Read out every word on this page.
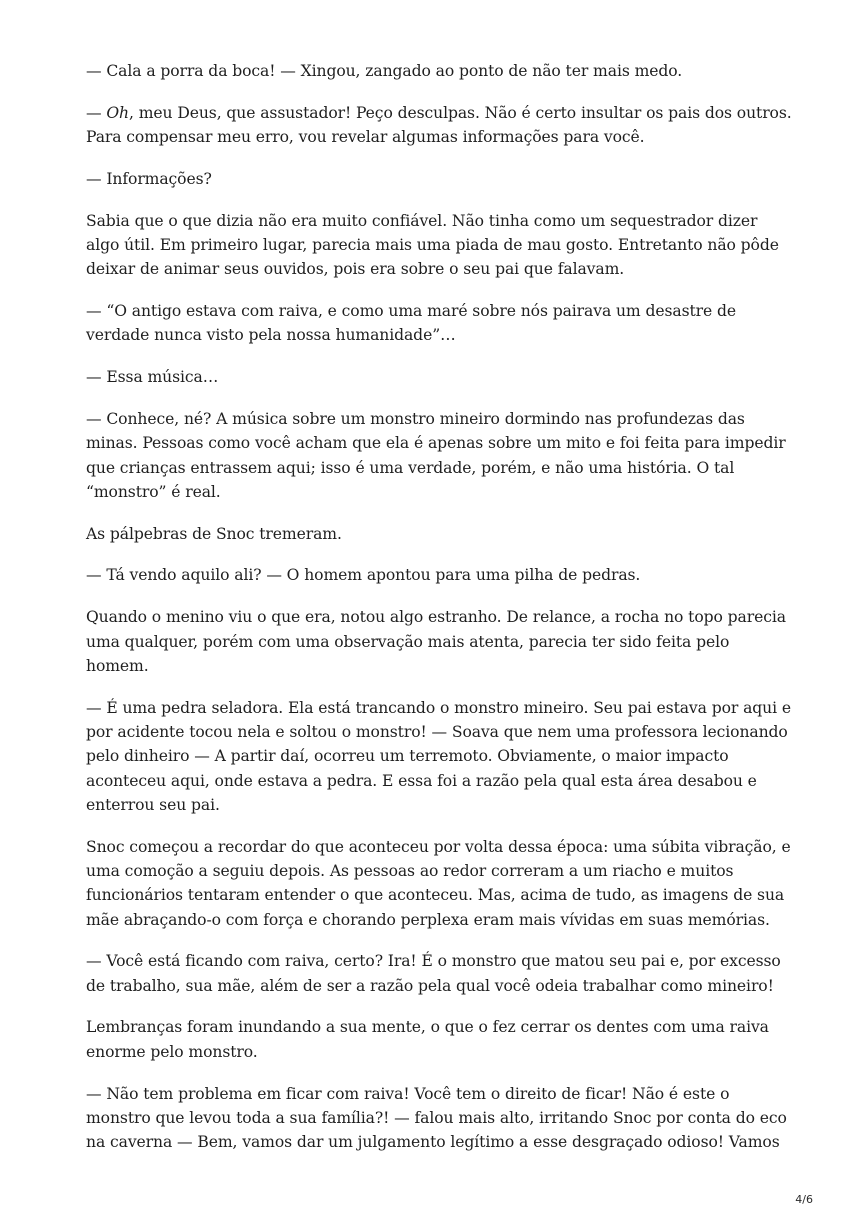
— Cala a porra da boca! — Xingou, zangado ao ponto de não ter mais medo.

— Oh, meu Deus, que assustador! Peço desculpas. Não é certo insultar os pais dos outros. Para compensar meu erro, vou revelar algumas informações para você.

— Informações?

Sabia que o que dizia não era muito confiável. Não tinha como um sequestrador dizer algo útil. Em primeiro lugar, parecia mais uma piada de mau gosto. Entretanto não pôde deixar de animar seus ouvidos, pois era sobre o seu pai que falavam.

— “O antigo estava com raiva, e como uma maré sobre nós pairava um desastre de verdade nunca visto pela nossa humanidade”…

— Essa música…

— Conhece, né? A música sobre um monstro mineiro dormindo nas profundezas das minas. Pessoas como você acham que ela é apenas sobre um mito e foi feita para impedir que crianças entrassem aqui; isso é uma verdade, porém, e não uma história. O tal “monstro” é real.

As pálpebras de Snoc tremeram.

— Tá vendo aquilo ali? — O homem apontou para uma pilha de pedras.

Quando o menino viu o que era, notou algo estranho. De relance, a rocha no topo parecia uma qualquer, porém com uma observação mais atenta, parecia ter sido feita pelo homem.

— É uma pedra seladora. Ela está trancando o monstro mineiro. Seu pai estava por aqui e por acidente tocou nela e soltou o monstro! — Soava que nem uma professora lecionando pelo dinheiro — A partir daí, ocorreu um terremoto. Obviamente, o maior impacto aconteceu aqui, onde estava a pedra. E essa foi a razão pela qual esta área desabou e enterrou seu pai.

Snoc começou a recordar do que aconteceu por volta dessa época: uma súbita vibração, e uma comoção a seguiu depois. As pessoas ao redor correram a um riacho e muitos funcionários tentaram entender o que aconteceu. Mas, acima de tudo, as imagens de sua mãe abraçando-o com força e chorando perplexa eram mais vívidas em suas memórias.

— Você está ficando com raiva, certo? Ira! É o monstro que matou seu pai e, por excesso de trabalho, sua mãe, além de ser a razão pela qual você odeia trabalhar como mineiro!

Lembranças foram inundando a sua mente, o que o fez cerrar os dentes com uma raiva enorme pelo monstro.

— Não tem problema em ficar com raiva! Você tem o direito de ficar! Não é este o monstro que levou toda a sua família?! — falou mais alto, irritando Snoc por conta do eco na caverna — Bem, vamos dar um julgamento legítimo a esse desgraçado odioso! Vamos

4/6
